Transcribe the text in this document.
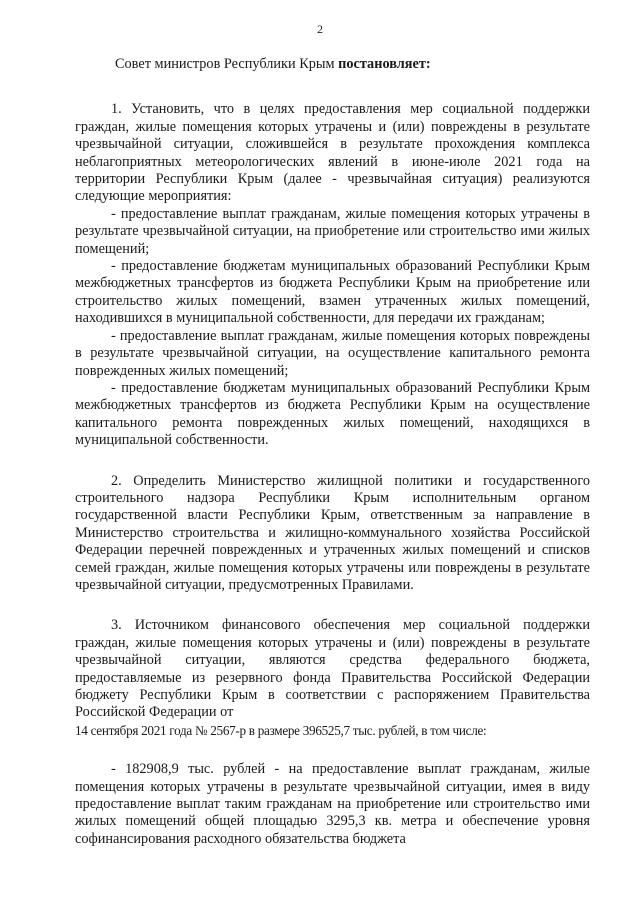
2

Совет министров Республики Крым постановляет:

1. Установить, что в целях предоставления мер социальной поддержки граждан, жилые помещения которых утрачены и (или) повреждены в результате чрезвычайной ситуации, сложившейся в результате прохождения комплекса неблагоприятных метеорологических явлений в июне-июле 2021 года на территории Республики Крым (далее - чрезвычайная ситуация) реализуются следующие мероприятия:

- предоставление выплат гражданам, жилые помещения которых утрачены в результате чрезвычайной ситуации, на приобретение или строительство ими жилых помещений;

- предоставление бюджетам муниципальных образований Республики Крым межбюджетных трансфертов из бюджета Республики Крым на приобретение или строительство жилых помещений, взамен утраченных жилых помещений, находившихся в муниципальной собственности, для передачи их гражданам;

- предоставление выплат гражданам, жилые помещения которых повреждены в результате чрезвычайной ситуации, на осуществление капитального ремонта поврежденных жилых помещений;

- предоставление бюджетам муниципальных образований Республики Крым межбюджетных трансфертов из бюджета Республики Крым на осуществление капитального ремонта поврежденных жилых помещений, находящихся в муниципальной собственности.

2. Определить Министерство жилищной политики и государственного строительного надзора Республики Крым исполнительным органом государственной власти Республики Крым, ответственным за направление в Министерство строительства и жилищно-коммунального хозяйства Российской Федерации перечней поврежденных и утраченных жилых помещений и списков семей граждан, жилые помещения которых утрачены или повреждены в результате чрезвычайной ситуации, предусмотренных Правилами.

3. Источником финансового обеспечения мер социальной поддержки граждан, жилые помещения которых утрачены и (или) повреждены в результате чрезвычайной ситуации, являются средства федерального бюджета, предоставляемые из резервного фонда Правительства Российской Федерации бюджету Республики Крым в соответствии с распоряжением Правительства Российской Федерации от

14 сентября 2021 года № 2567-р в размере 396525,7 тыс. рублей, в том числе:

- 182908,9 тыс. рублей - на предоставление выплат гражданам, жилые помещения которых утрачены в результате чрезвычайной ситуации, имея в виду предоставление выплат таким гражданам на приобретение или строительство ими жилых помещений общей площадью 3295,3 кв. метра и обеспечение уровня софинансирования расходного обязательства бюджета
